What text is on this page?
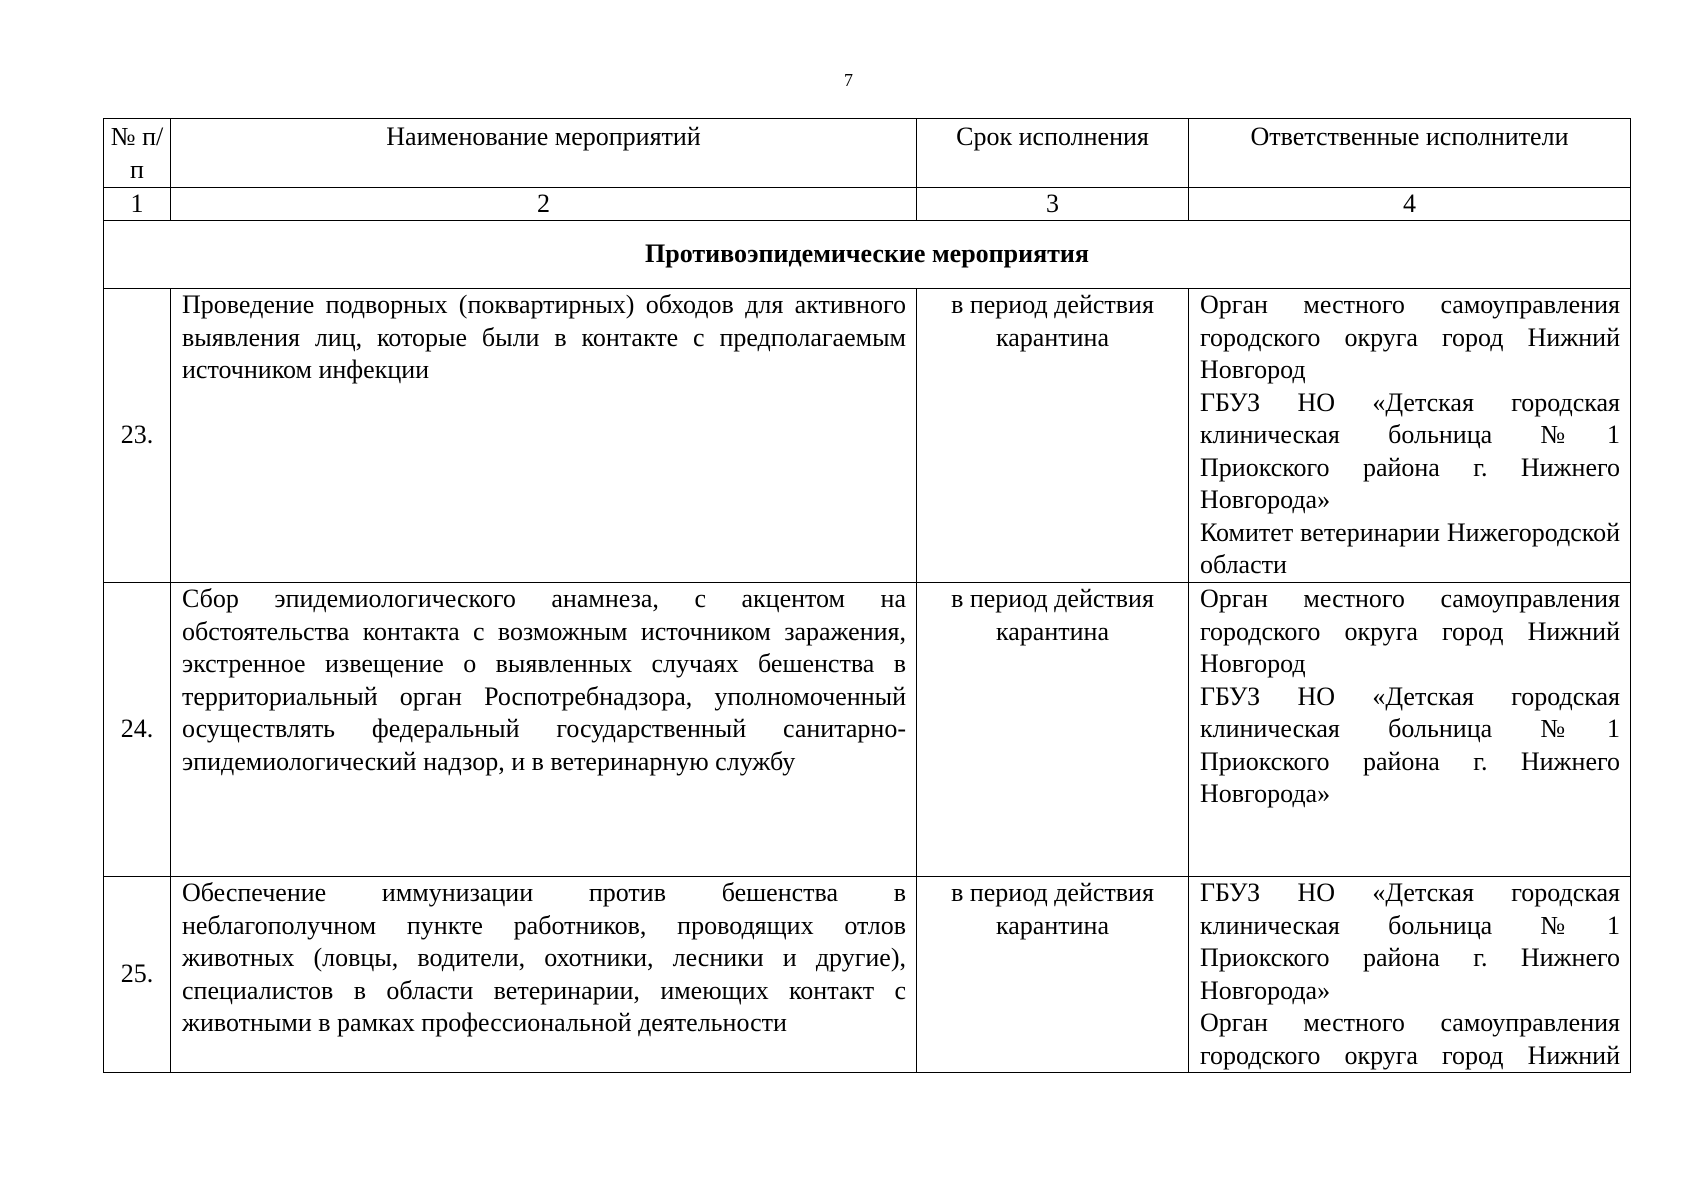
7
№ п/п	Наименование мероприятий	Срок исполнения	Ответственные исполнители
1	2	3	4
Противоэпидемические мероприятия			
23.	Проведение подворных (поквартирных) обходов для активного выявления лиц, которые были в контакте с предполагаемым источником инфекции	в период действия карантина	Орган местного самоуправления городского округа город Нижний Новгород

ГБУЗ НО «Детская городская клиническая больница №1 Приокского района г. Нижнего Новгорода»

Комитет ветеринарии Нижегородской области

24.	Сбор эпидемиологического анамнеза, с акцентом на обстоятельства контакта с возможным источником заражения, экстренное извещение о выявленных случаях бешенства в территориальный орган Роспотребнадзора, уполномоченный осуществлять федеральный государственный санитарно-эпидемиологический надзор, и в ветеринарную службу	в период действия карантина	Орган местного самоуправления городского округа город Нижний Новгород

ГБУЗ НО «Детская городская клиническая больница №1 Приокского района г. Нижнего Новгорода»

25.	Обеспечение иммунизации против бешенства в неблагополучном пункте работников, проводящих отлов животных (ловцы, водители, охотники, лесники и другие), специалистов в области ветеринарии, имеющих контакт с животными в рамках профессиональной деятельности	в период действия карантина	ГБУЗ НО «Детская городская клиническая больница №1 Приокского района г. Нижнего Новгорода»

Орган местного самоуправления городского округа город Нижний
